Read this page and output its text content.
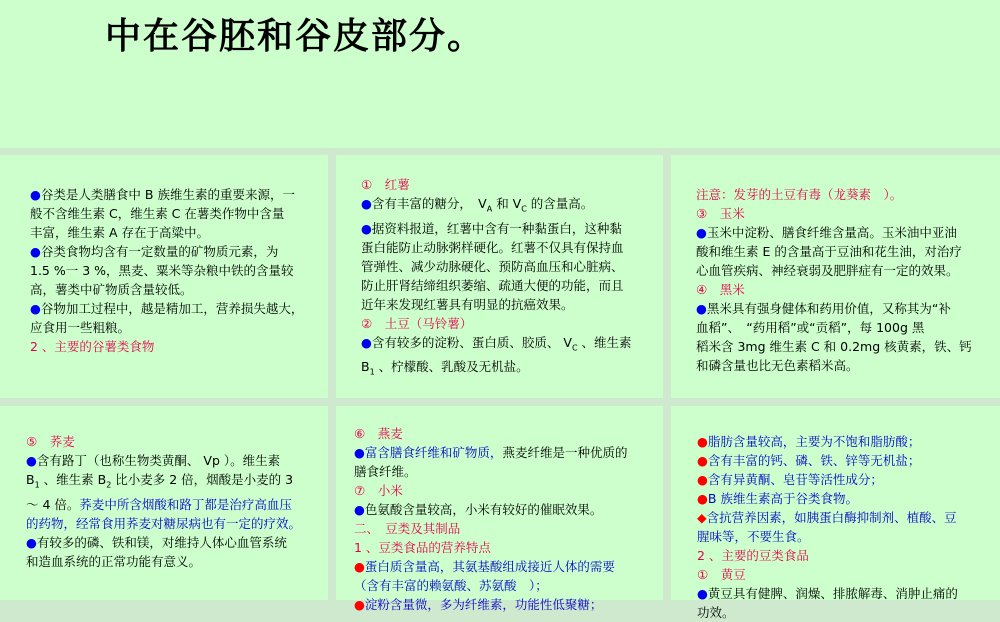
中在谷胚和谷皮部分。
●谷类是人类膳食中 B 族维生素的重要来源，一
般不含维生素 C，维生素 C 在薯类作物中含量
丰富，维生素 A 存在于高粱中。
●谷类食物均含有一定数量的矿物质元素，为
1.5 %一 3 %，黑麦、粟米等杂粮中铁的含量较
高，薯类中矿物质含量较低。
●谷物加工过程中，越是精加工，营养损失越大，
应食用一些粗粮。
2 、主要的谷薯类食物
①　红薯
●含有丰富的糖分，　$V_A$ 和 $V_C$ 的含量高。
●据资料报道，红薯中含有一种黏蛋白，这种黏
蛋白能防止动脉粥样硬化。红薯不仅具有保持血
管弹性、减少动脉硬化、预防高血压和心脏病、
防止肝肾结缔组织萎缩、疏通大便的功能，而且
近年来发现红薯具有明显的抗癌效果。
②　土豆（马铃薯）
●含有较多的淀粉、蛋白质、胶质、 $V_C$ 、维生素
$B_1$ 、柠檬酸、乳酸及无机盐。
注意：发芽的土豆有毒（龙葵素　）。
③　玉米
●玉米中淀粉、膳食纤维含量高。玉米油中亚油
酸和维生素 E 的含量高于豆油和花生油，对治疗
心血管疾病、神经衰弱及肥胖症有一定的效果。
④　黑米
●黑米具有强身健体和药用价值，又称其为“补
血稻”、　“药用稻”或“贡稻”，每 100g 黑
稻米含 3mg 维生素 C 和 0.2mg 核黄素，铁、钙
和磷含量也比无色素稻米高。
⑤　荞麦
●含有路丁（也称生物类黄酮、 Vp ）。维生素
$B_1$ 、维生素 $B_2$ 比小麦多 2 倍，烟酸是小麦的 3
～ 4 倍。荞麦中所含烟酸和路丁都是治疗高血压
的药物，经常食用荞麦对糖尿病也有一定的疗效。
●有较多的磷、铁和镁，对维持人体心血管系统
和造血系统的正常功能有意义。
⑥　燕麦
●富含膳食纤维和矿物质，燕麦纤维是一种优质的
膳食纤维。
⑦　小米
●色氨酸含量较高，小米有较好的催眠效果。
二、　豆类及其制品
1 、豆类食品的营养特点
●蛋白质含量高，其氨基酸组成接近人体的需要
（含有丰富的赖氨酸、苏氨酸　）；
●淀粉含量微，多为纤维素，功能性低聚糖；
●脂肪含量较高，主要为不饱和脂肪酸；
●含有丰富的钙、磷、铁、锌等无机盐；
●含有异黄酮、皂苷等活性成分；
●B 族维生素高于谷类食物。
◆含抗营养因素，如胰蛋白酶抑制剂、植酸、豆
腥味等，不要生食。
2 、主要的豆类食品
①　黄豆
●黄豆具有健脾、润燥、排脓解毒、消肿止痛的
功效。
